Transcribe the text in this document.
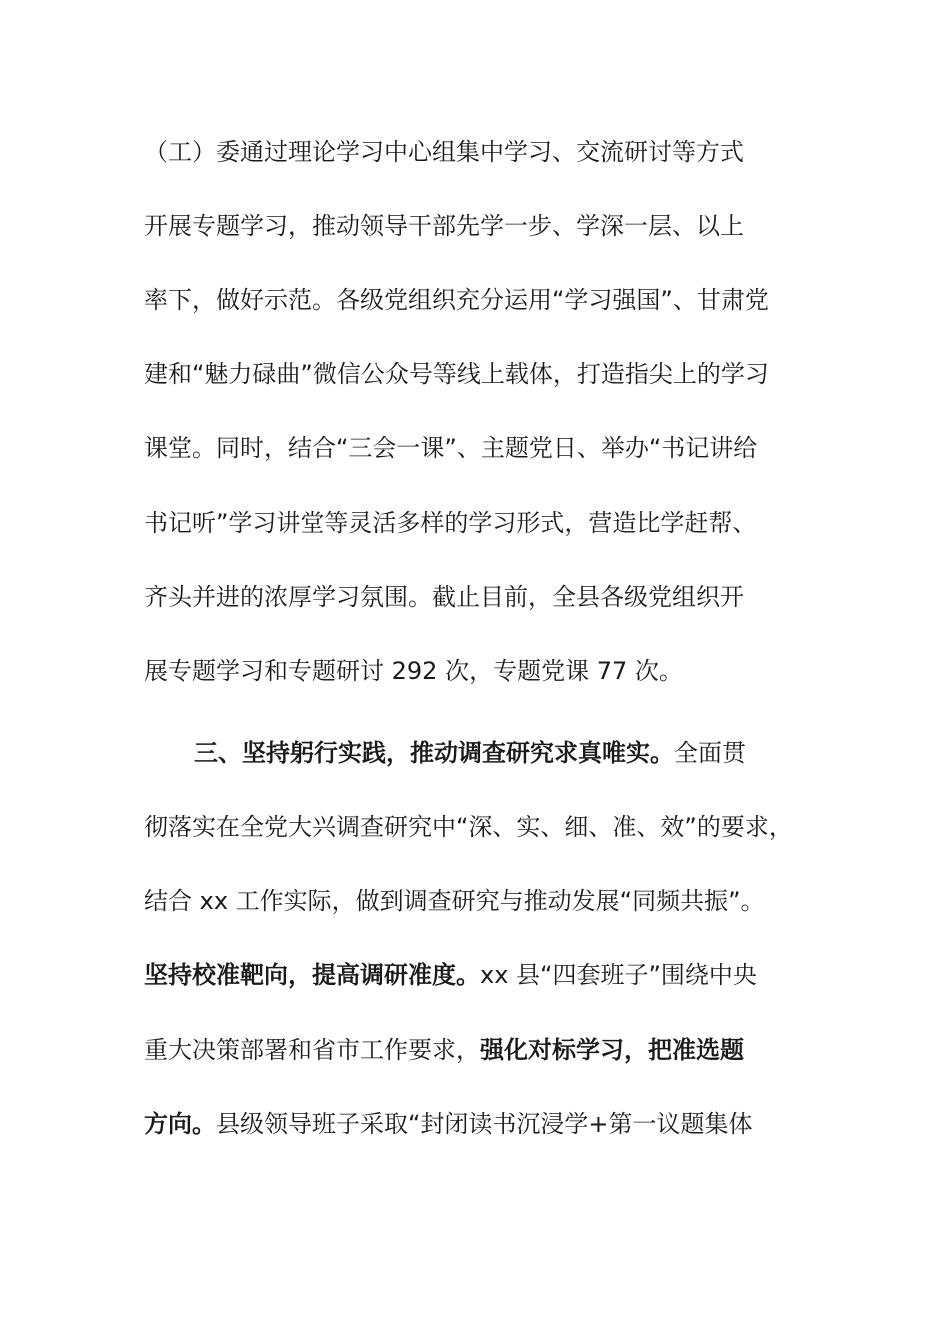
（工）委通过理论学习中心组集中学习、交流研讨等方式
开展专题学习，推动领导干部先学一步、学深一层、以上
率下，做好示范。各级党组织充分运用“学习强国”、甘肃党
建和“魅力碌曲”微信公众号等线上载体，打造指尖上的学习
课堂。同时，结合“三会一课”、主题党日、举办“书记讲给
书记听”学习讲堂等灵活多样的学习形式，营造比学赶帮、
齐头并进的浓厚学习氛围。截止目前，全县各级党组织开
展专题学习和专题研讨 292 次，专题党课 77 次。
三、坚持躬行实践，推动调查研究求真唯实。全面贯
彻落实在全党大兴调查研究中“深、实、细、准、效”的要求，
结合 xx 工作实际，做到调查研究与推动发展“同频共振”。
坚持校准靶向，提高调研准度。xx 县“四套班子”围绕中央
重大决策部署和省市工作要求，强化对标学习，把准选题
方向。县级领导班子采取“封闭读书沉浸学+第一议题集体
